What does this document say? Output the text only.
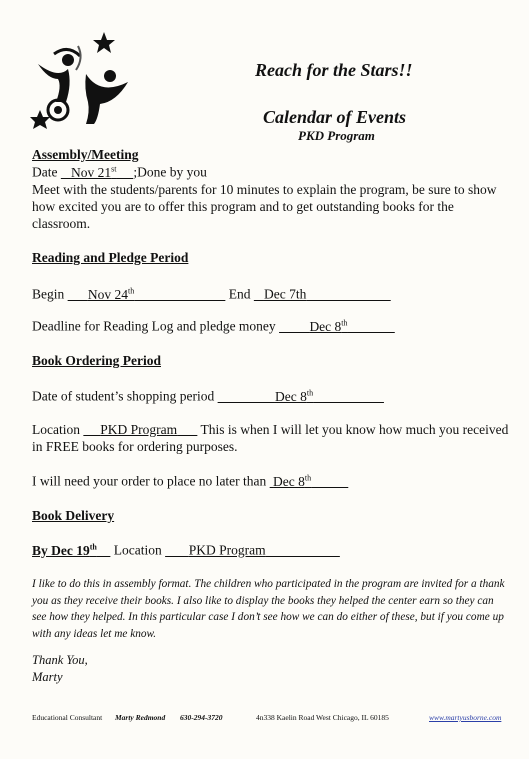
Reach for the Stars!!
Calendar of Events
PKD Program
Assembly/Meeting
Date Nov 21st ;Done by you
Meet with the students/parents for 10 minutes to explain the program, be sure to show how excited you are to offer this program and to get outstanding books for the classroom.
Reading and Pledge Period
Begin Nov 24th	End Dec 7th
Deadline for Reading Log and pledge money	Dec 8th
Book Ordering Period
Date of student’s shopping period	Dec 8th
Location PKD Program This is when I will let you know how much you received in FREE books for ordering purposes.
I will need your order to place no later than Dec 8th
Book Delivery
By Dec 19th Location PKD Program
I like to do this in assembly format. The children who participated in the program are invited for a thank you as they receive their books. I also like to display the books they helped the center earn so they can see how they helped. In this particular case I don’t see how we can do either of these, but if you come up with any ideas let me know.
Thank You,
Marty
Educational Consultant Marty Redmond 630-294-3720	4n338 Kaelin Road West Chicago, IL 60185	www.martyusborne.com
